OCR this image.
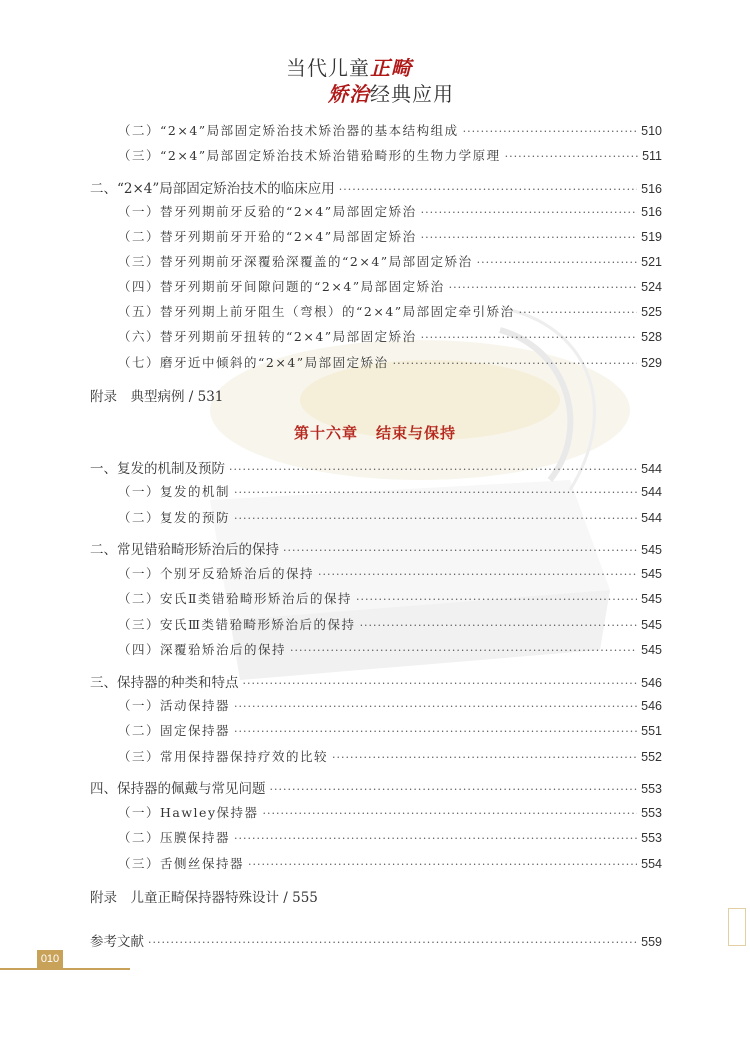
当代儿童正畸
矫治经典应用
（二）“2×4”局部固定矫治技术矫治器的基本结构组成 ·····	510
（三）“2×4”局部固定矫治技术矫治错𬌗畸形的生物力学原理 ·····	511
二、“2×4”局部固定矫治技术的临床应用 ·····	516
（一）替牙列期前牙反𬌗的“2×4”局部固定矫治 ·····	516
（二）替牙列期前牙开𬌗的“2×4”局部固定矫治 ·····	519
（三）替牙列期前牙深覆𬌗深覆盖的“2×4”局部固定矫治 ·····	521
（四）替牙列期前牙间隙问题的“2×4”局部固定矫治 ·····	524
（五）替牙列期上前牙阻生（弯根）的“2×4”局部固定牵引矫治 ·····	525
（六）替牙列期前牙扭转的“2×4”局部固定矫治 ·····	528
（七）磨牙近中倾斜的“2×4”局部固定矫治 ·····	529
附录　典型病例 / 531
第十六章 结束与保持
一、复发的机制及预防 ·····	544
（一）复发的机制 ·····	544
（二）复发的预防 ·····	544
二、常见错𬌗畸形矫治后的保持 ·····	545
（一）个别牙反𬌗矫治后的保持 ·····	545
（二）安氏Ⅱ类错𬌗畸形矫治后的保持 ·····	545
（三）安氏Ⅲ类错𬌗畸形矫治后的保持 ·····	545
（四）深覆𬌗矫治后的保持 ·····	545
三、保持器的种类和特点 ·····	546
（一）活动保持器 ·····	546
（二）固定保持器 ·····	551
（三）常用保持器保持疗效的比较 ·····	552
四、保持器的佩戴与常见问题 ·····	553
（一）Hawley保持器 ·····	553
（二）压膜保持器 ·····	553
（三）舌侧丝保持器 ·····	554
附录　儿童正畸保持器特殊设计 / 555
参考文献 ·····	559
010
